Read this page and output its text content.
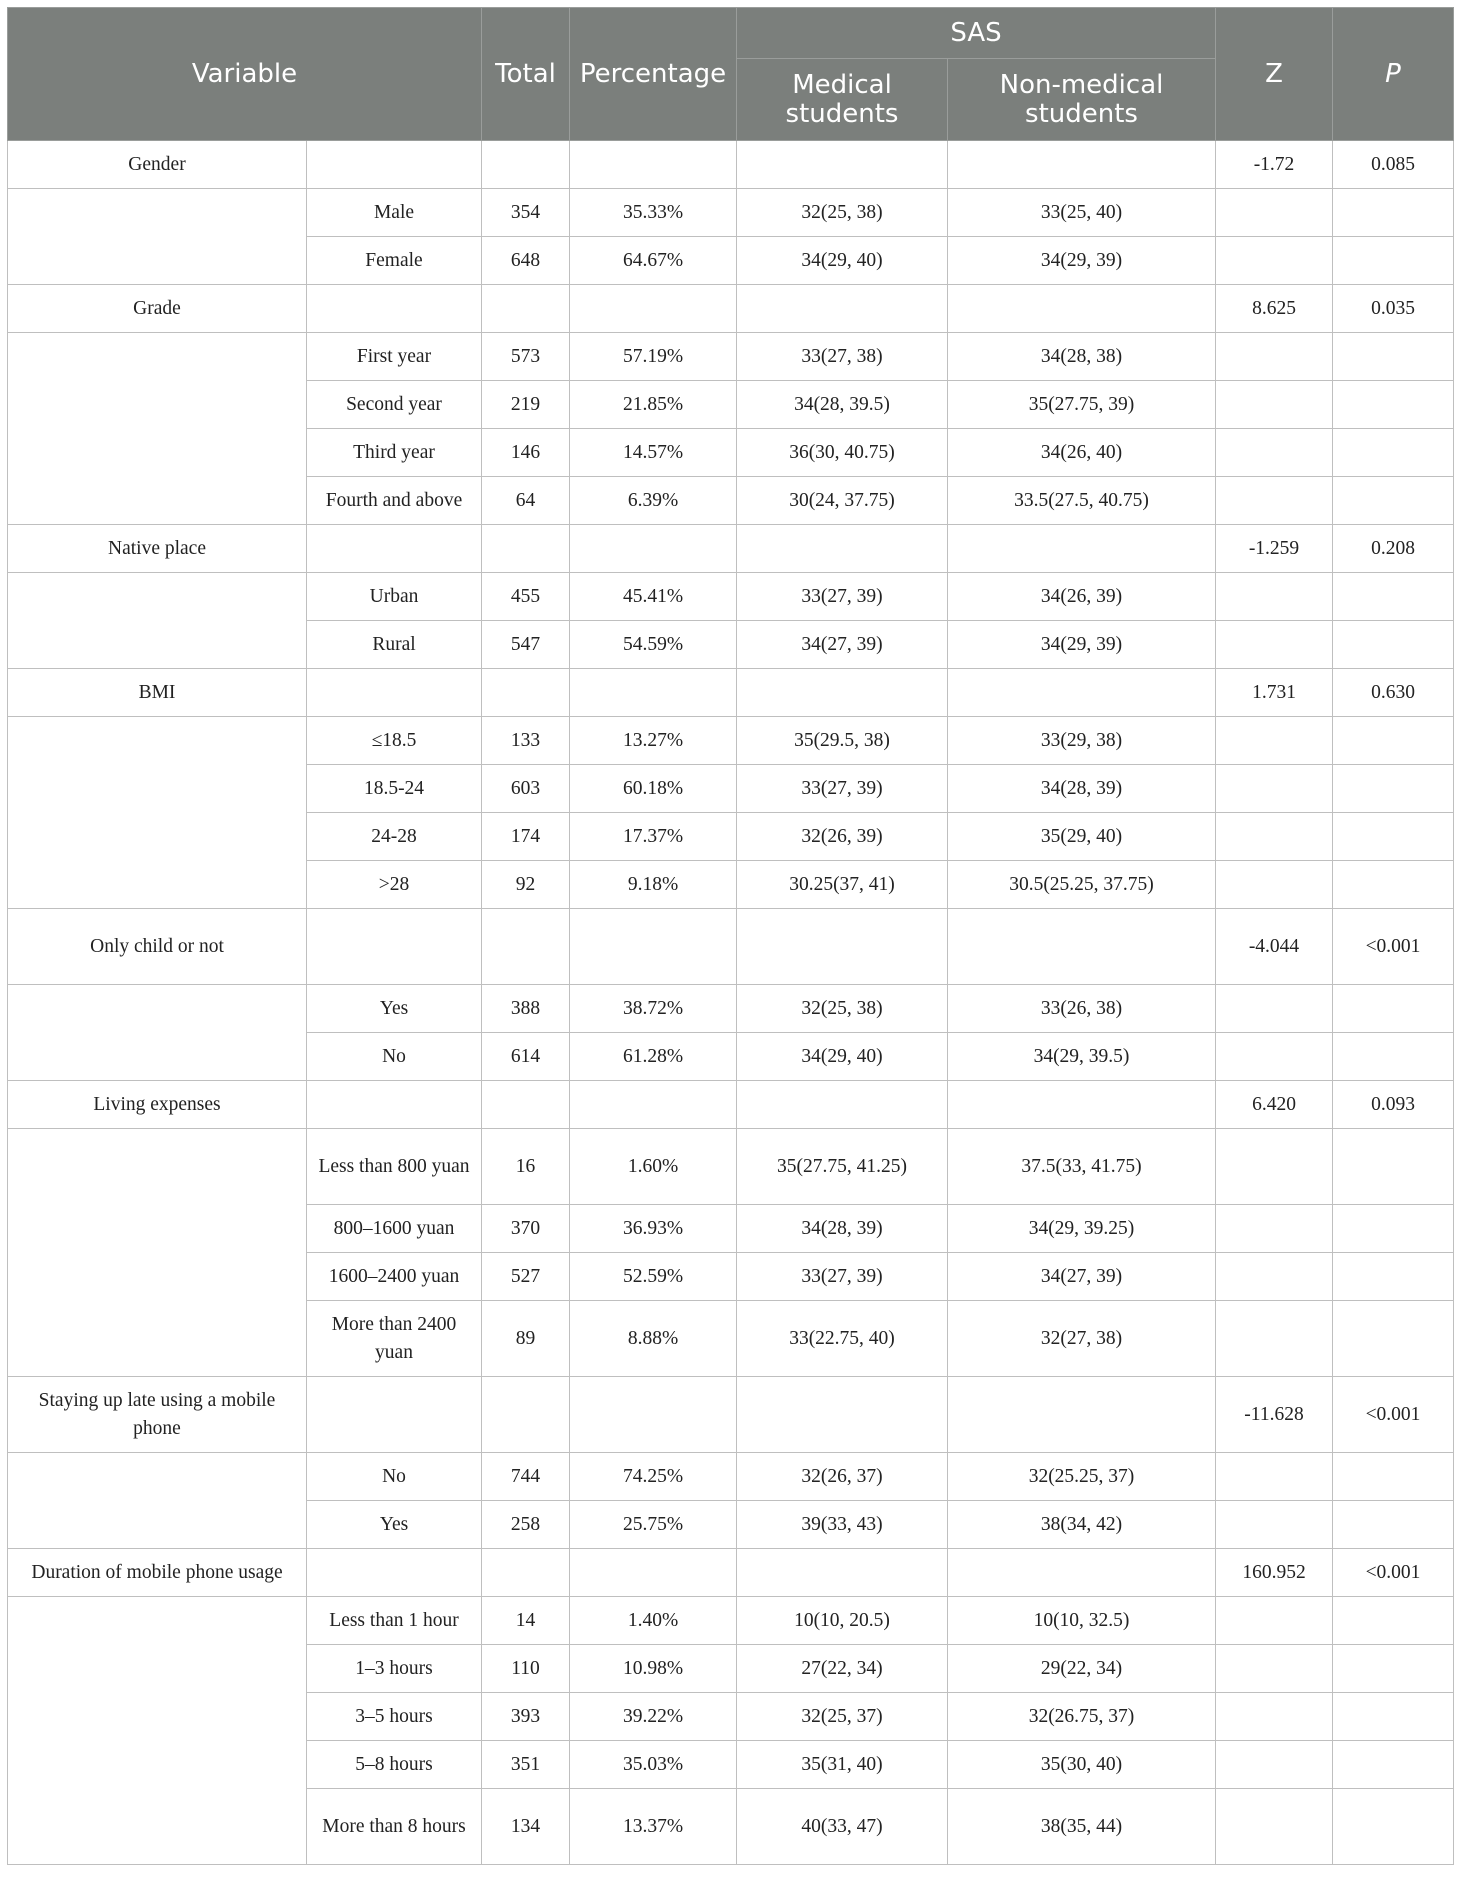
Variable		Total	Percentage	SAS		Z	P
				Medical students	Non-medical students		
Gender						-1.72	0.085
	Male	354	35.33%	32(25, 38)	33(25, 40)		
	Female	648	64.67%	34(29, 40)	34(29, 39)		
Grade						8.625	0.035
	First year	573	57.19%	33(27, 38)	34(28, 38)		
	Second year	219	21.85%	34(28, 39.5)	35(27.75, 39)		
	Third year	146	14.57%	36(30, 40.75)	34(26, 40)		
	Fourth and above	64	6.39%	30(24, 37.75)	33.5(27.5, 40.75)		
Native place						-1.259	0.208
	Urban	455	45.41%	33(27, 39)	34(26, 39)		
	Rural	547	54.59%	34(27, 39)	34(29, 39)		
BMI						1.731	0.630
	≤18.5	133	13.27%	35(29.5, 38)	33(29, 38)		
	18.5-24	603	60.18%	33(27, 39)	34(28, 39)		
	24-28	174	17.37%	32(26, 39)	35(29, 40)		
	>28	92	9.18%	30.25(37, 41)	30.5(25.25, 37.75)		
Only child or not						-4.044	<0.001
	Yes	388	38.72%	32(25, 38)	33(26, 38)		
	No	614	61.28%	34(29, 40)	34(29, 39.5)		
Living expenses						6.420	0.093
	Less than 800 yuan	16	1.60%	35(27.75, 41.25)	37.5(33, 41.75)		
	800–1600 yuan	370	36.93%	34(28, 39)	34(29, 39.25)		
	1600–2400 yuan	527	52.59%	33(27, 39)	34(27, 39)		
	More than 2400 yuan	89	8.88%	33(22.75, 40)	32(27, 38)		
Staying up late using a mobile phone						-11.628	<0.001
	No	744	74.25%	32(26, 37)	32(25.25, 37)		
	Yes	258	25.75%	39(33, 43)	38(34, 42)		
Duration of mobile phone usage						160.952	<0.001
	Less than 1 hour	14	1.40%	10(10, 20.5)	10(10, 32.5)		
	1–3 hours	110	10.98%	27(22, 34)	29(22, 34)		
	3–5 hours	393	39.22%	32(25, 37)	32(26.75, 37)		
	5–8 hours	351	35.03%	35(31, 40)	35(30, 40)		
	More than 8 hours	134	13.37%	40(33, 47)	38(35, 44)		
